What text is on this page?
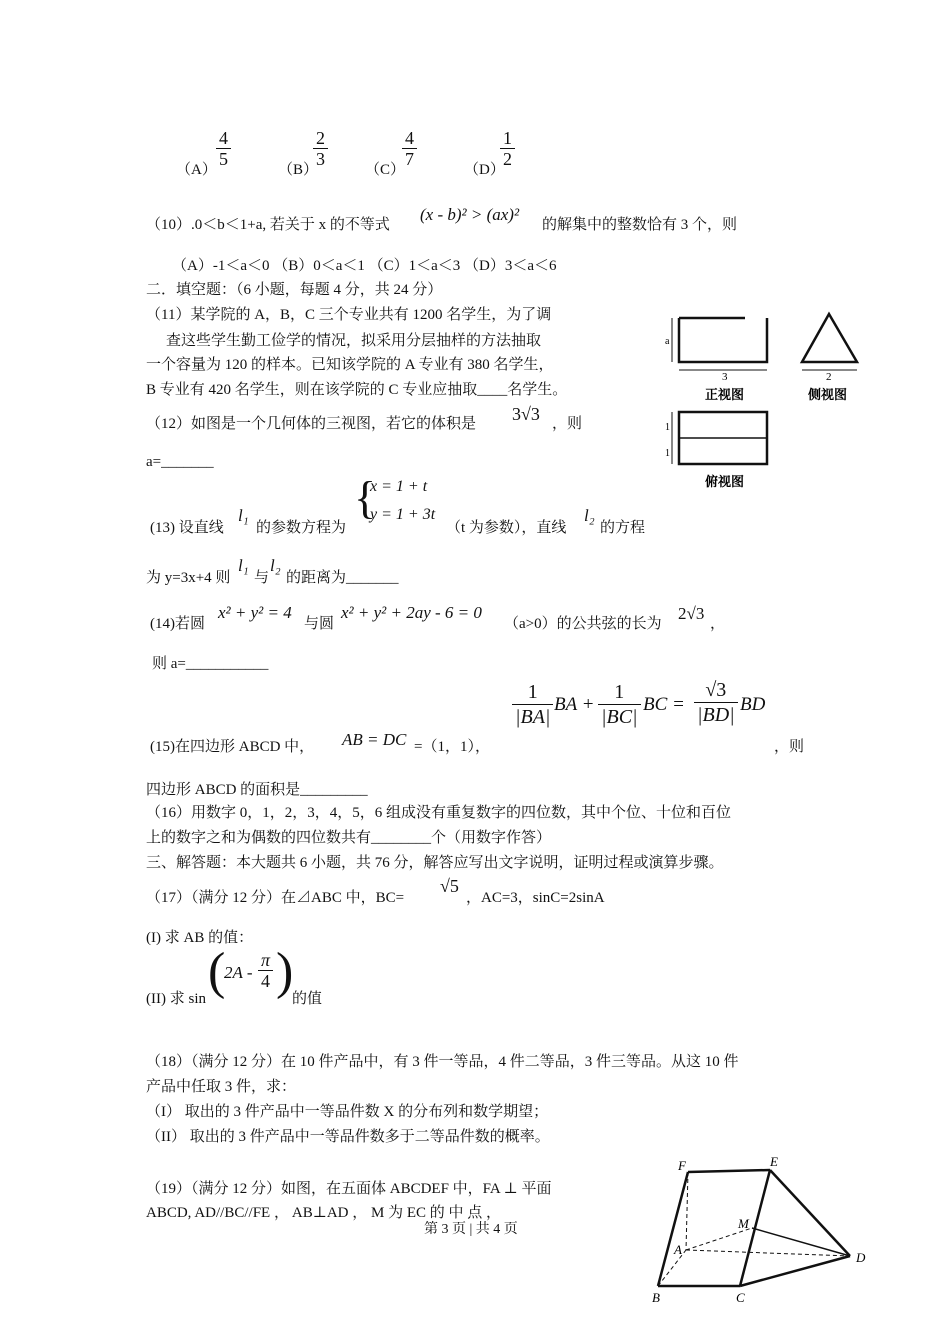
（A）
$\frac{4}{5}$
（B）
$\frac{2}{3}$
（C）
$\frac{4}{7}$
（D）
$\frac{1}{2}$
（10）.0＜b＜1+a, 若关于 x 的不等式
(x - b)² > (ax)²
的解集中的整数恰有 3 个，则
（A）-1＜a＜0 （B）0＜a＜1 （C）1＜a＜3 （D）3＜a＜6
二．填空题：（6 小题，每题 4 分，共 24 分）
（11）某学院的 A，B，C 三个专业共有 1200 名学生，为了调
查这些学生勤工俭学的情况，拟采用分层抽样的方法抽取
一个容量为 120 的样本。已知该学院的 A 专业有 380 名学生，
B 专业有 420 名学生，则在该学院的 C 专业应抽取____名学生。
（12）如图是一个几何体的三视图，若它的体积是 3√3 ，则
a=_______
a
3
正视图
2
侧视图
1
1
俯视图
(13) 设直线
l₁
的参数方程为
{
x = 1 + t
y = 1 + 3t
（t 为参数），直线
l₂
的方程
为 y=3x+4 则
l₁
与
l₂
的距离为_______
(14)若圆
x² + y² = 4
与圆
x² + y² + 2ay - 6 = 0
（a>0）的公共弦的长为
2√3
，
则 a=___________
(15)在四边形 ABCD 中， AB = DC =（1，1），
$\frac{1}{|BA|}$ BA + $\frac{1}{|BC|}$ BC = $\frac{√3}{|BD|}$ BD
，则
四边形 ABCD 的面积是_________
（16）用数字 0，1，2，3，4，5，6 组成没有重复数字的四位数，其中个位、十位和百位
上的数字之和为偶数的四位数共有________个（用数字作答）
三、解答题：本大题共 6 小题，共 76 分，解答应写出文字说明，证明过程或演算步骤。
（17）（满分 12 分）在⊿ABC 中，BC=
√5
，AC=3，sinC=2sinA
(I) 求 AB 的值：
(II) 求 sin (
$2A - \frac{\pi}{4}$ )
的值
（18）（满分 12 分）在 10 件产品中，有 3 件一等品，4 件二等品，3 件三等品。从这 10 件
产品中任取 3 件，求：
（I） 取出的 3 件产品中一等品件数 X 的分布列和数学期望；
（II） 取出的 3 件产品中一等品件数多于二等品件数的概率。
（19）（满分 12 分）如图，在五面体 ABCDEF 中，FA ⊥ 平面
ABCD, AD//BC//FE ， AB⊥AD ， M 为 EC 的 中 点 ，
F	E
M
A
D
B	C
第 3 页 | 共 4 页
